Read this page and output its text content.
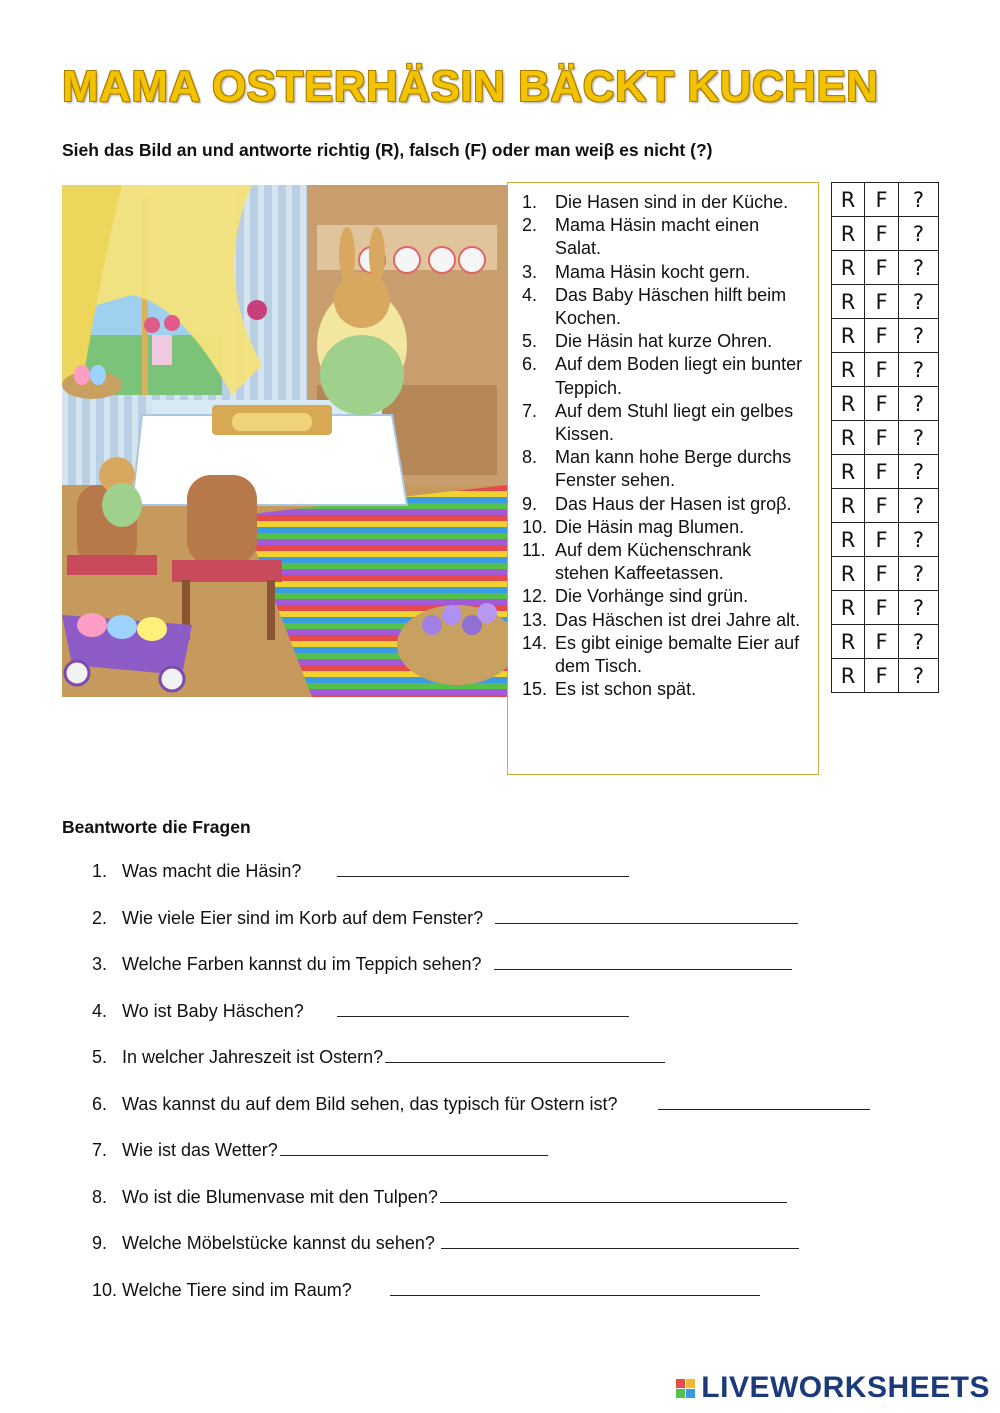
MAMA OSTERHÄSIN BÄCKT KUCHEN
Sieh das Bild an und antworte richtig (R), falsch (F) oder man weiβ es nicht (?)
1. Die Hasen sind in der Küche.
2. Mama Häsin macht einen Salat.
3. Mama Häsin kocht gern.
4. Das Baby Häschen hilft beim Kochen.
5. Die Häsin hat kurze Ohren.
6. Auf dem Boden liegt ein bunter Teppich.
7. Auf dem Stuhl liegt ein gelbes Kissen.
8. Man kann hohe Berge durchs Fenster sehen.
9. Das Haus der Hasen ist groβ.
10. Die Häsin mag Blumen.
11. Auf dem Küchenschrank stehen Kaffeetassen.
12. Die Vorhänge sind grün.
13. Das Häschen ist drei Jahre alt.
14. Es gibt einige bemalte Eier auf dem Tisch.
15. Es ist schon spät.
R	F	?
R	F	?
R	F	?
R	F	?
R	F	?
R	F	?
R	F	?
R	F	?
R	F	?
R	F	?
R	F	?
R	F	?
R	F	?
R	F	?
R	F	?
Beantworte die Fragen
1. Was macht die Häsin?
2. Wie viele Eier sind im Korb auf dem Fenster?
3. Welche Farben kannst du im Teppich sehen?
4. Wo ist Baby Häschen?
5. In welcher Jahreszeit ist Ostern?
6. Was kannst du auf dem Bild sehen, das typisch für Ostern ist?
7. Wie ist das Wetter?
8. Wo ist die Blumenvase mit den Tulpen?
9. Welche Möbelstücke kannst du sehen?
10. Welche Tiere sind im Raum?
LIVEWORKSHEETS
